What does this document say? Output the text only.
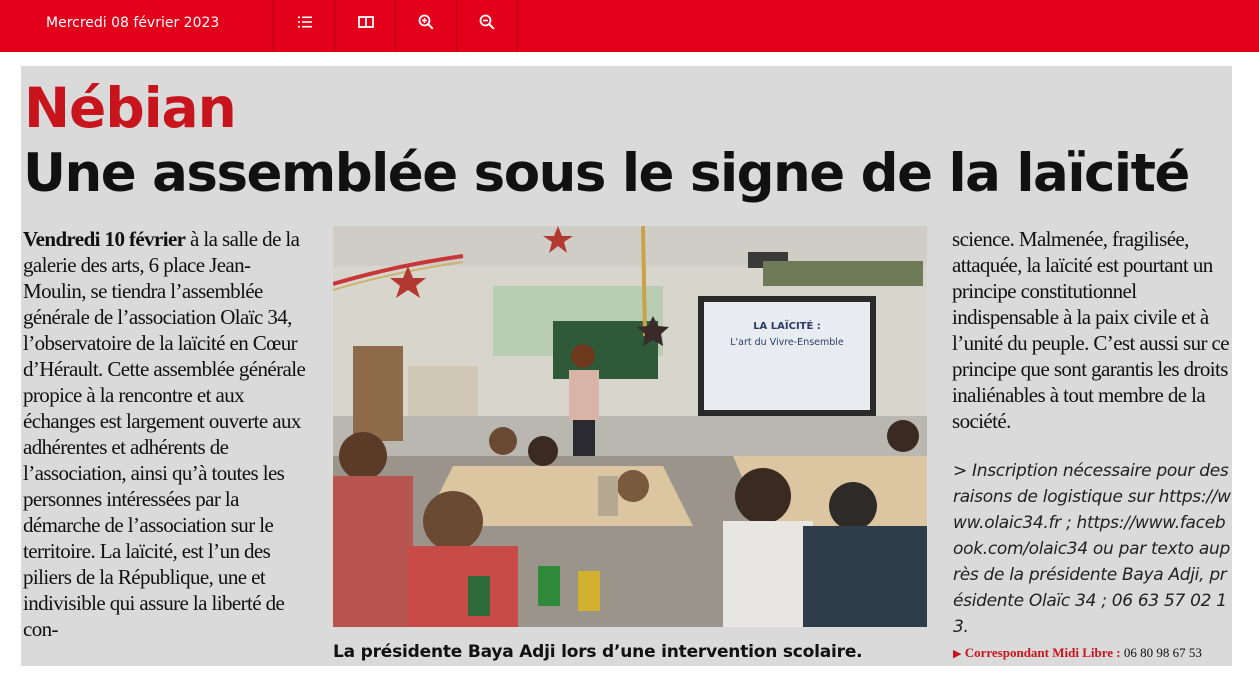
Mercredi 08 février 2023
Nébian
Une assemblée sous le signe de la laïcité

Vendredi 10 février à la salle de la galerie des arts, 6 place Jean-Moulin, se tiendra l’assemblée générale de l’association Olaïc 34, l’observatoire de la laïcité en Cœur d’Hérault. Cette assemblée générale propice à la rencontre et aux échanges est largement ouverte aux adhérentes et adhérents de l’association, ainsi qu’à toutes les personnes intéressées par la démarche de l’association sur le territoire. La laïcité, est l’un des piliers de la République, une et indivisible qui assure la liberté de con-

LA LAÏCITÉ :
L'art du Vivre-Ensemble

La présidente Baya Adji lors d’une intervention scolaire.

science. Malmenée, fragilisée, attaquée, la laïcité est pourtant un principe constitutionnel indispensable à la paix civile et à l’unité du peuple. C’est aussi sur ce principe que sont garantis les droits inaliénables à tout membre de la société.

> Inscription nécessaire pour des raisons de logistique sur https://www.olaic34.fr ; https://www.facebook.com/olaic34 ou par texto auprès de la présidente Baya Adji, présidente Olaïc 34 ; 06 63 57 02 13.

▶ Correspondant Midi Libre : 06 80 98 67 53
